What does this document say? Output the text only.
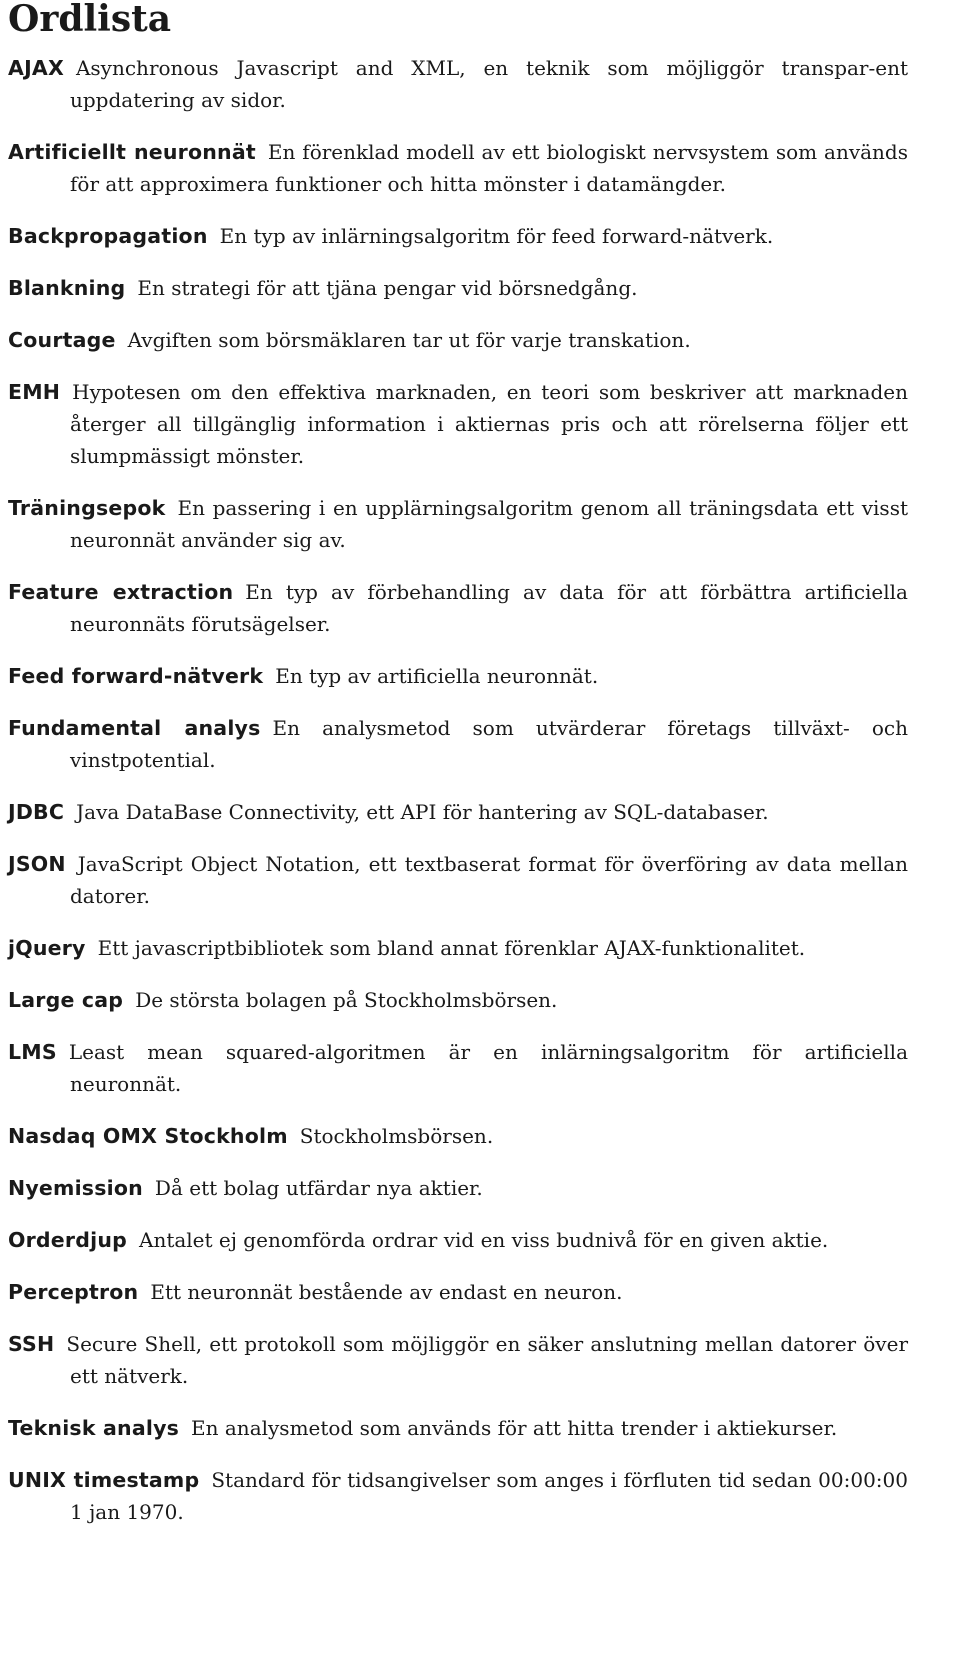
Ordlista
AJAX Asynchronous Javascript and XML, en teknik som möjliggör transpar-ent uppdatering av sidor.
Artificiellt neuronnät En förenklad modell av ett biologiskt nervsystem som används för att approximera funktioner och hitta mönster i datamängder.
Backpropagation En typ av inlärningsalgoritm för feed forward-nätverk.
Blankning En strategi för att tjäna pengar vid börsnedgång.
Courtage Avgiften som börsmäklaren tar ut för varje transkation.
EMH Hypotesen om den effektiva marknaden, en teori som beskriver att marknaden återger all tillgänglig information i aktiernas pris och att rörelserna följer ett slumpmässigt mönster.
Träningsepok En passering i en upplärningsalgoritm genom all träningsdata ett visst neuronnät använder sig av.
Feature extraction En typ av förbehandling av data för att förbättra artificiella neuronnäts förutsägelser.
Feed forward-nätverk En typ av artificiella neuronnät.
Fundamental analys En analysmetod som utvärderar företags tillväxt- och vinstpotential.
JDBC Java DataBase Connectivity, ett API för hantering av SQL-databaser.
JSON JavaScript Object Notation, ett textbaserat format för överföring av data mellan datorer.
jQuery Ett javascriptbibliotek som bland annat förenklar AJAX-funktionalitet.
Large cap De största bolagen på Stockholmsbörsen.
LMS Least mean squared-algoritmen är en inlärningsalgoritm för artificiella neuronnät.
Nasdaq OMX Stockholm Stockholmsbörsen.
Nyemission Då ett bolag utfärdar nya aktier.
Orderdjup Antalet ej genomförda ordrar vid en viss budnivå för en given aktie.
Perceptron Ett neuronnät bestående av endast en neuron.
SSH Secure Shell, ett protokoll som möjliggör en säker anslutning mellan datorer över ett nätverk.
Teknisk analys En analysmetod som används för att hitta trender i aktiekurser.
UNIX timestamp Standard för tidsangivelser som anges i förfluten tid sedan 00:00:00 1 jan 1970.
